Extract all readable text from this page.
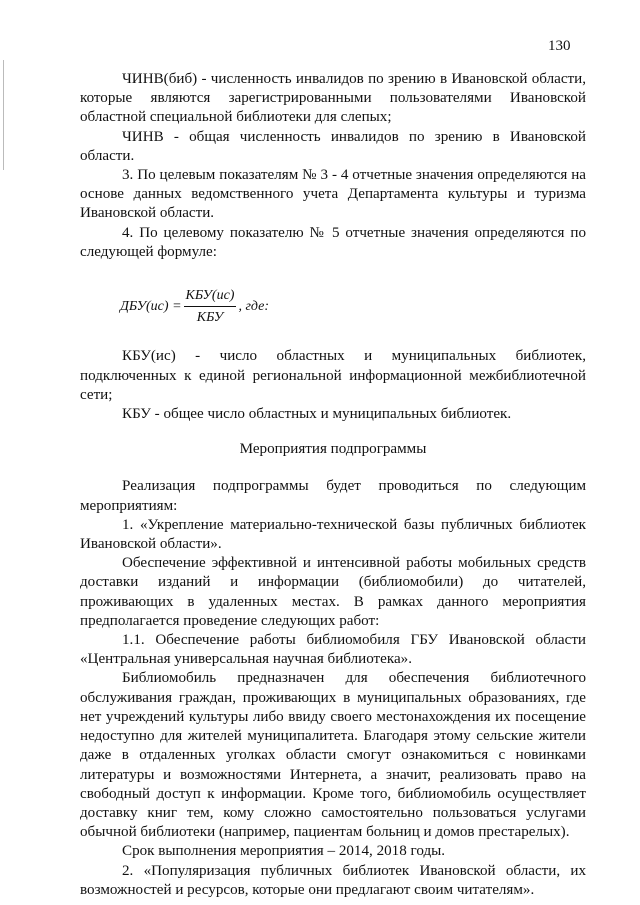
130

ЧИНВ(биб) - численность инвалидов по зрению в Ивановской области, которые являются зарегистрированными пользователями Ивановской областной специальной библиотеки для слепых;

ЧИНВ - общая численность инвалидов по зрению в Ивановской области.

3. По целевым показателям № 3 - 4 отчетные значения определяются на основе данных ведомственного учета Департамента культуры и туризма Ивановской области.

4. По целевому показателю № 5 отчетные значения определяются по следующей формуле:

$ДБУ(ис) = \frac{\text{КБУ(ис)}}{\text{КБУ}}$ , где:

КБУ(ис) - число областных и муниципальных библиотек, подключенных к единой региональной информационной межбиблиотечной сети;

КБУ - общее число областных и муниципальных библиотек.

Мероприятия подпрограммы

Реализация подпрограммы будет проводиться по следующим мероприятиям:

1. «Укрепление материально-технической базы публичных библиотек Ивановской области».

Обеспечение эффективной и интенсивной работы мобильных средств доставки изданий и информации (библиомобили) до читателей, проживающих в удаленных местах. В рамках данного мероприятия предполагается проведение следующих работ:

1.1. Обеспечение работы библиомобиля ГБУ Ивановской области «Центральная универсальная научная библиотека».

Библиомобиль предназначен для обеспечения библиотечного обслуживания граждан, проживающих в муниципальных образованиях, где нет учреждений культуры либо ввиду своего местонахождения их посещение недоступно для жителей муниципалитета. Благодаря этому сельские жители даже в отдаленных уголках области смогут ознакомиться с новинками литературы и возможностями Интернета, а значит, реализовать право на свободный доступ к информации. Кроме того, библиомобиль осуществляет доставку книг тем, кому сложно самостоятельно пользоваться услугами обычной библиотеки (например, пациентам больниц и домов престарелых).

Срок выполнения мероприятия – 2014, 2018 годы.

2. «Популяризация публичных библиотек Ивановской области, их возможностей и ресурсов, которые они предлагают своим читателям».
